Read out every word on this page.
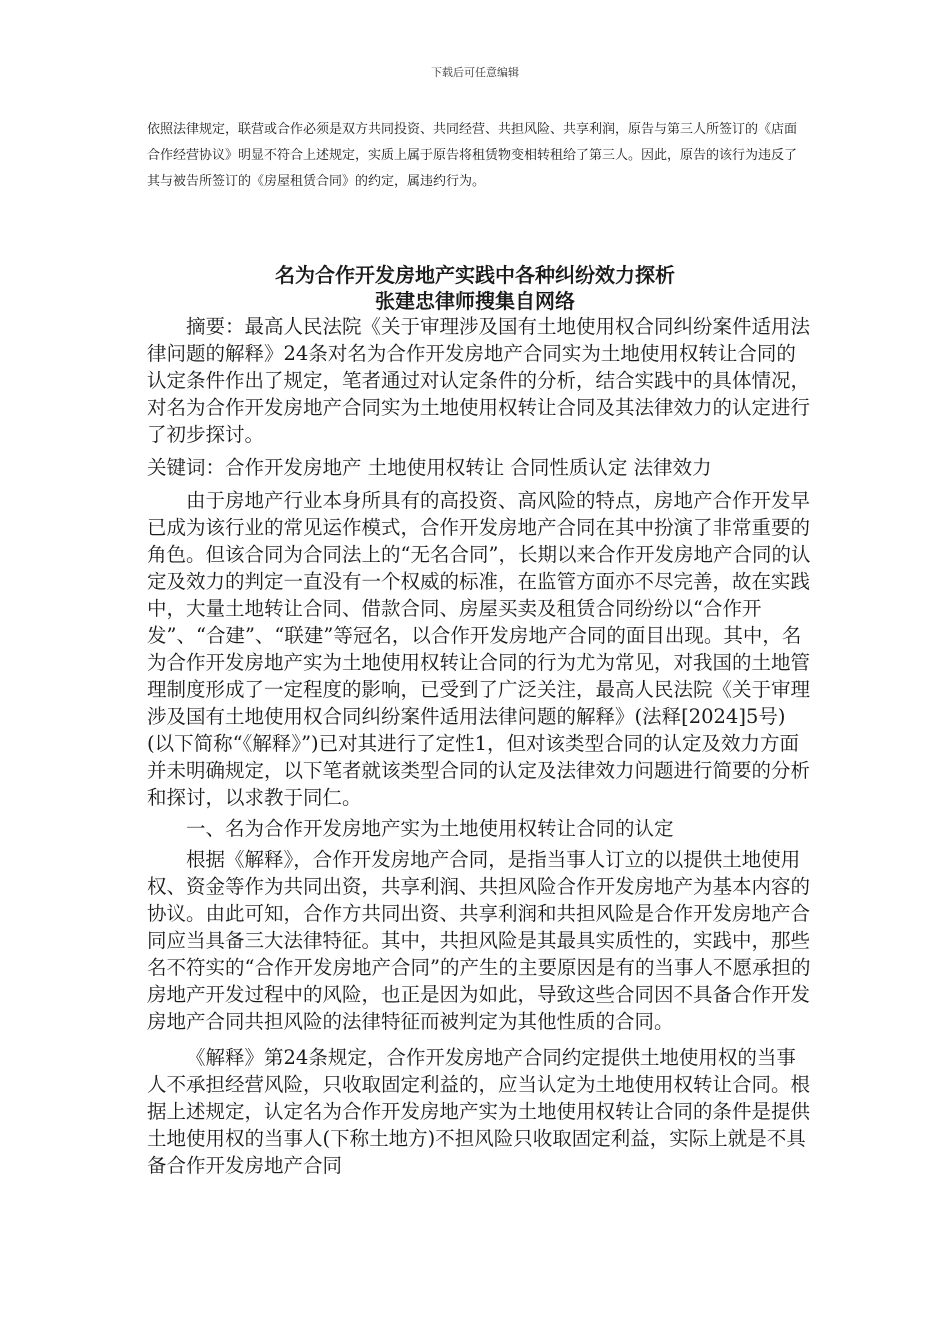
下载后可任意编辑

依照法律规定，联营或合作必须是双方共同投资、共同经营、共担风险、共享利润，原告与第三人所签订的《店面合作经营协议》明显不符合上述规定，实质上属于原告将租赁物变相转租给了第三人。因此，原告的该行为违反了其与被告所签订的《房屋租赁合同》的约定，属违约行为。

名为合作开发房地产实践中各种纠纷效力探析
张建忠律师搜集自网络

摘要：最高人民法院《关于审理涉及国有土地使用权合同纠纷案件适用法律问题的解释》24条对名为合作开发房地产合同实为土地使用权转让合同的认定条件作出了规定，笔者通过对认定条件的分析，结合实践中的具体情况，对名为合作开发房地产合同实为土地使用权转让合同及其法律效力的认定进行了初步探讨。

关键词：合作开发房地产 土地使用权转让 合同性质认定 法律效力

由于房地产行业本身所具有的高投资、高风险的特点，房地产合作开发早已成为该行业的常见运作模式，合作开发房地产合同在其中扮演了非常重要的角色。但该合同为合同法上的“无名合同”，长期以来合作开发房地产合同的认定及效力的判定一直没有一个权威的标准，在监管方面亦不尽完善，故在实践中，大量土地转让合同、借款合同、房屋买卖及租赁合同纷纷以“合作开发”、“合建”、“联建”等冠名，以合作开发房地产合同的面目出现。其中，名为合作开发房地产实为土地使用权转让合同的行为尤为常见，对我国的土地管理制度形成了一定程度的影响，已受到了广泛关注，最高人民法院《关于审理涉及国有土地使用权合同纠纷案件适用法律问题的解释》(法释[2024]5号)(以下简称“《解释》”)已对其进行了定性1，但对该类型合同的认定及效力方面并未明确规定，以下笔者就该类型合同的认定及法律效力问题进行简要的分析和探讨，以求教于同仁。

一、名为合作开发房地产实为土地使用权转让合同的认定

根据《解释》，合作开发房地产合同，是指当事人订立的以提供土地使用权、资金等作为共同出资，共享利润、共担风险合作开发房地产为基本内容的协议。由此可知，合作方共同出资、共享利润和共担风险是合作开发房地产合同应当具备三大法律特征。其中，共担风险是其最具实质性的，实践中，那些名不符实的“合作开发房地产合同”的产生的主要原因是有的当事人不愿承担的房地产开发过程中的风险，也正是因为如此，导致这些合同因不具备合作开发房地产合同共担风险的法律特征而被判定为其他性质的合同。

《解释》第24条规定，合作开发房地产合同约定提供土地使用权的当事人不承担经营风险，只收取固定利益的，应当认定为土地使用权转让合同。根据上述规定，认定名为合作开发房地产实为土地使用权转让合同的条件是提供土地使用权的当事人(下称土地方)不担风险只收取固定利益，实际上就是不具备合作开发房地产合同
